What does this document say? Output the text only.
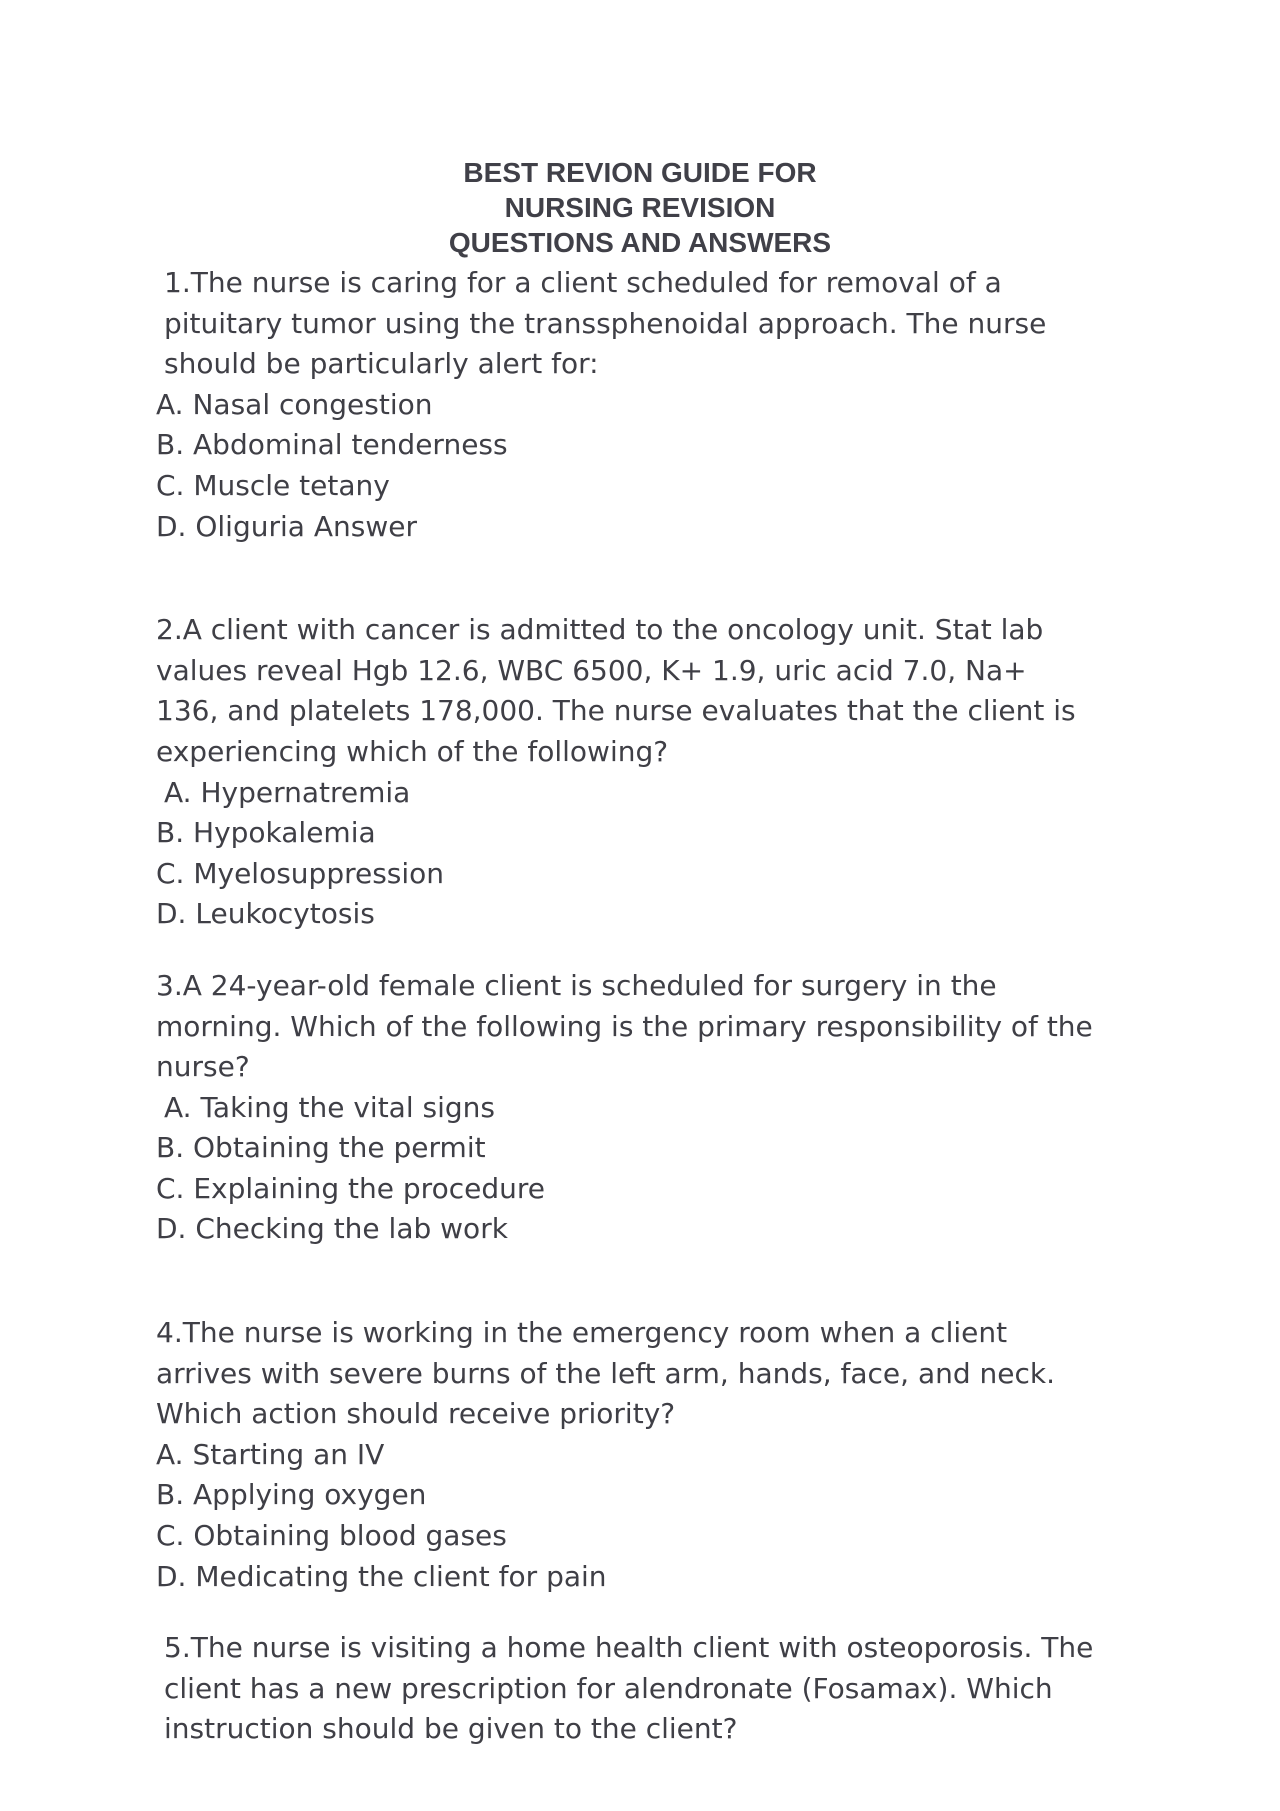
BEST REVION GUIDE FOR
NURSING REVISION
QUESTIONS AND ANSWERS

1.The nurse is caring for a client scheduled for removal of a pituitary tumor using the transsphenoidal approach. The nurse should be particularly alert for:

A. Nasal congestion

B. Abdominal tenderness

C. Muscle tetany

D. Oliguria Answer

2.A client with cancer is admitted to the oncology unit. Stat lab values reveal Hgb 12.6, WBC 6500, K+ 1.9, uric acid 7.0, Na+ 136, and platelets 178,000. The nurse evaluates that the client is experiencing which of the following?

A. Hypernatremia

B. Hypokalemia

C. Myelosuppression

D. Leukocytosis

3.A 24-year-old female client is scheduled for surgery in the morning. Which of the following is the primary responsibility of the nurse?

A. Taking the vital signs

B. Obtaining the permit

C. Explaining the procedure

D. Checking the lab work

4.The nurse is working in the emergency room when a client arrives with severe burns of the left arm, hands, face, and neck. Which action should receive priority?

A. Starting an IV

B. Applying oxygen

C. Obtaining blood gases

D. Medicating the client for pain

5.The nurse is visiting a home health client with osteoporosis. The client has a new prescription for alendronate (Fosamax). Which instruction should be given to the client?
